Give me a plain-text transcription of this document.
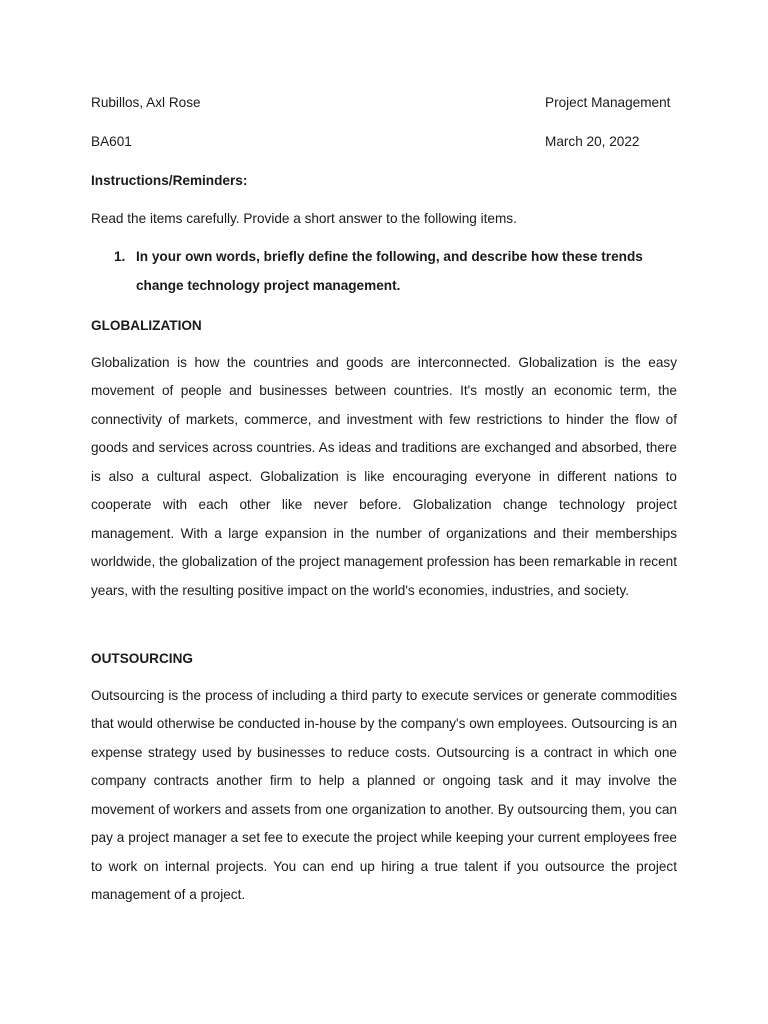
Rubillos, Axl Rose	Project Management
BA601	March 20, 2022
Instructions/Reminders:
Read the items carefully. Provide a short answer to the following items.
1. In your own words, briefly define the following, and describe how these trends change technology project management.
GLOBALIZATION
Globalization is how the countries and goods are interconnected. Globalization is the easy movement of people and businesses between countries. It's mostly an economic term, the connectivity of markets, commerce, and investment with few restrictions to hinder the flow of goods and services across countries. As ideas and traditions are exchanged and absorbed, there is also a cultural aspect. Globalization is like encouraging everyone in different nations to cooperate with each other like never before. Globalization change technology project management. With a large expansion in the number of organizations and their memberships worldwide, the globalization of the project management profession has been remarkable in recent years, with the resulting positive impact on the world's economies, industries, and society.
OUTSOURCING
Outsourcing is the process of including a third party to execute services or generate commodities that would otherwise be conducted in-house by the company's own employees. Outsourcing is an expense strategy used by businesses to reduce costs. Outsourcing is a contract in which one company contracts another firm to help a planned or ongoing task and it may involve the movement of workers and assets from one organization to another. By outsourcing them, you can pay a project manager a set fee to execute the project while keeping your current employees free to work on internal projects. You can end up hiring a true talent if you outsource the project management of a project.
